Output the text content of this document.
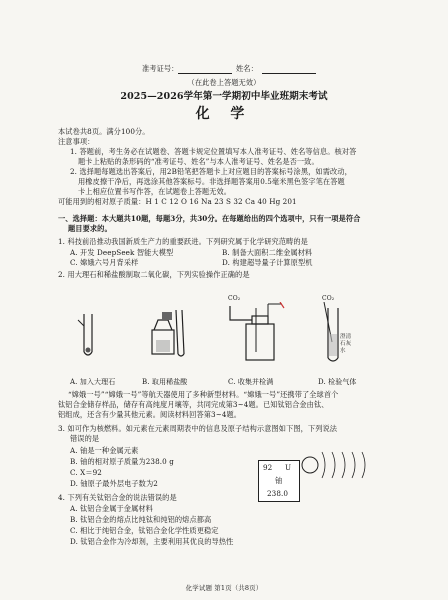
准考证号：	姓名：
（在此卷上答题无效）
2025—2026学年第一学期初中毕业班期末考试
化 学
本试卷共8页。满分100分。
注意事项：
1. 答题前，考生务必在试题卷、答题卡规定位置填写本人准考证号、姓名等信息。核对答
题卡上粘贴的条形码的“准考证号、姓名”与本人准考证号、姓名是否一致。
2. 选择题每题选出答案后，用2B铅笔把答题卡上对应题目的答案标号涂黑，如需改动，
用橡皮擦干净后，再选涂其他答案标号。非选择题答案用0.5毫米黑色签字笔在答题
卡上相应位置书写作答，在试题卷上答题无效。
可能用到的相对原子质量：H 1 C 12 O 16 Na 23 S 32 Ca 40 Hg 201
一、选择题：本大题共10题，每题3分，共30分。在每题给出的四个选项中，只有一项是符合
题目要求的。
1. 科技前沿推动我国新质生产力的重要跃进。下列研究属于化学研究范畴的是
A. 开发 DeepSeek 智能大模型	B. 制备大面积二维金属材料
C. 嫦娥六号月背采样	D. 构建超导量子计算原型机
2. 用大理石和稀盐酸制取二氧化碳，下列实验操作正确的是
A. 加入大理石	B. 取用稀盐酸
CO₂
C. 收集并检满
CO₂
澄清石灰水
D. 检验气体
“嫦娥一号”“嫦娥一号”等航天器使用了多种新型材料。“嫦娥一号”还携带了全球首个
钛铝合金储存样品，储存有高纯度月壤等，共同完成第3~4题。已知钛铝合金由钛、
铝组成，还含有少量其他元素。阅读材料回答第3~4题。
3. 如可作为核燃料。如元素在元素周期表中的信息及原子结构示意图如下图，下列说法
错误的是
A. 铀是一种金属元素
B. 铀的相对原子质量为238.0 g
C. X＝92
D. 铀原子最外层电子数为2
92 U
铀
238.0
4. 下列有关钛铝合金的说法错误的是
A. 钛铝合金属于金属材料
B. 钛铝合金的熔点比纯钛和纯铝的熔点都高
C. 相比于纯铝合金，钛铝合金化学性质更稳定
D. 钛铝合金作为冷却剂，主要利用其优良的导热性
化学试题 第1页（共8页）
